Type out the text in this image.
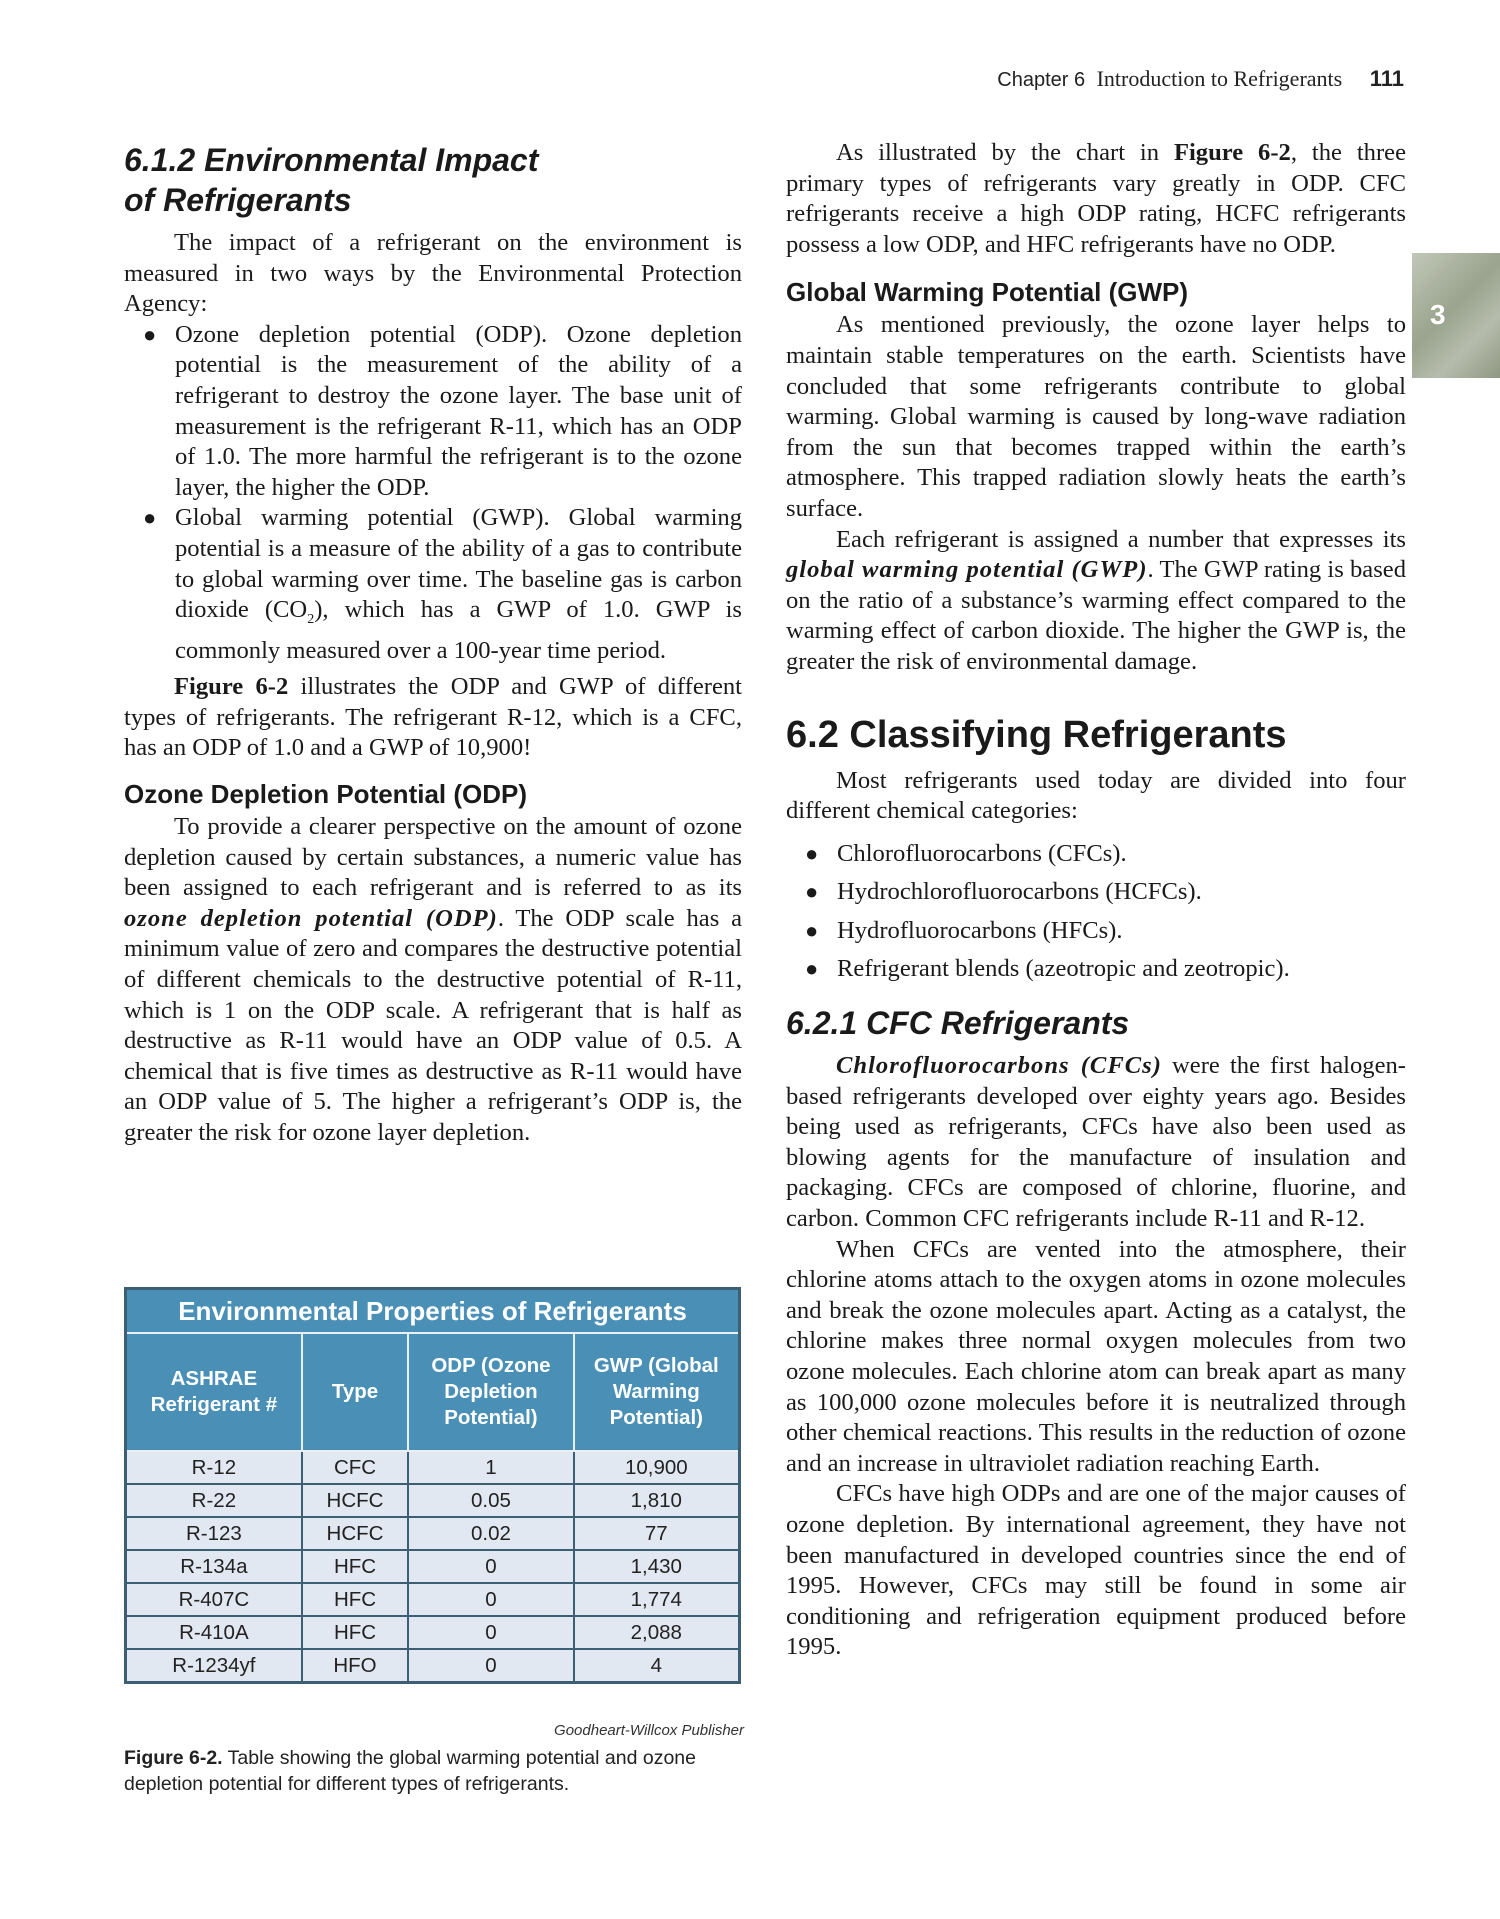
Chapter 6 Introduction to Refrigerants 111
3
6.1.2 Environmental Impact
of Refrigerants

The impact of a refrigerant on the environment is measured in two ways by the Environmental Protection Agency:

● Ozone depletion potential (ODP). Ozone depletion potential is the measurement of the ability of a refrigerant to destroy the ozone layer. The base unit of measurement is the refrigerant R-11, which has an ODP of 1.0. The more harmful the refrigerant is to the ozone layer, the higher the ODP.
● Global warming potential (GWP). Global warming potential is a measure of the ability of a gas to contribute to global warming over time. The baseline gas is carbon dioxide $(CO_2)$, which has a GWP of 1.0. GWP is commonly measured over a 100-year time period.

Figure 6-2 illustrates the ODP and GWP of different types of refrigerants. The refrigerant R-12, which is a CFC, has an ODP of 1.0 and a GWP of 10,900!

Ozone Depletion Potential (ODP)

To provide a clearer perspective on the amount of ozone depletion caused by certain substances, a numeric value has been assigned to each refrigerant and is referred to as its ozone depletion potential (ODP). The ODP scale has a minimum value of zero and compares the destructive potential of different chemicals to the destructive potential of R-11, which is 1 on the ODP scale. A refrigerant that is half as destructive as R-11 would have an ODP value of 0.5. A chemical that is five times as destructive as R-11 would have an ODP value of 5. The higher a refrigerant’s ODP is, the greater the risk for ozone layer depletion.

Environmental Properties of Refrigerants			
ASHRAE Refrigerant #	Type	ODP (Ozone Depletion Potential)	GWP (Global Warming Potential)
R-12	CFC	1	10,900
R-22	HCFC	0.05	1,810
R-123	HCFC	0.02	77
R-134a	HFC	0	1,430
R-407C	HFC	0	1,774
R-410A	HFC	0	2,088
R-1234yf	HFO	0	4
Goodheart-Willcox Publisher
Figure 6-2. Table showing the global warming potential and ozone depletion potential for different types of refrigerants.

As illustrated by the chart in Figure 6-2, the three primary types of refrigerants vary greatly in ODP. CFC refrigerants receive a high ODP rating, HCFC refrigerants possess a low ODP, and HFC refrigerants have no ODP.

Global Warming Potential (GWP)

As mentioned previously, the ozone layer helps to maintain stable temperatures on the earth. Scientists have concluded that some refrigerants contribute to global warming. Global warming is caused by long-wave radiation from the sun that becomes trapped within the earth’s atmosphere. This trapped radiation slowly heats the earth’s surface.

Each refrigerant is assigned a number that expresses its global warming potential (GWP). The GWP rating is based on the ratio of a substance’s warming effect compared to the warming effect of carbon dioxide. The higher the GWP is, the greater the risk of environmental damage.

6.2 Classifying Refrigerants

Most refrigerants used today are divided into four different chemical categories:

● Chlorofluorocarbons (CFCs).
● Hydrochlorofluorocarbons (HCFCs).
● Hydrofluorocarbons (HFCs).
● Refrigerant blends (azeotropic and zeotropic).
6.2.1 CFC Refrigerants

Chlorofluorocarbons (CFCs) were the first halogen-based refrigerants developed over eighty years ago. Besides being used as refrigerants, CFCs have also been used as blowing agents for the manufacture of insulation and packaging. CFCs are composed of chlorine, fluorine, and carbon. Common CFC refrigerants include R-11 and R-12.

When CFCs are vented into the atmosphere, their chlorine atoms attach to the oxygen atoms in ozone molecules and break the ozone molecules apart. Acting as a catalyst, the chlorine makes three normal oxygen molecules from two ozone molecules. Each chlorine atom can break apart as many as 100,000 ozone molecules before it is neutralized through other chemical reactions. This results in the reduction of ozone and an increase in ultraviolet radiation reaching Earth.

CFCs have high ODPs and are one of the major causes of ozone depletion. By international agreement, they have not been manufactured in developed countries since the end of 1995. However, CFCs may still be found in some air conditioning and refrigeration equipment produced before 1995.
